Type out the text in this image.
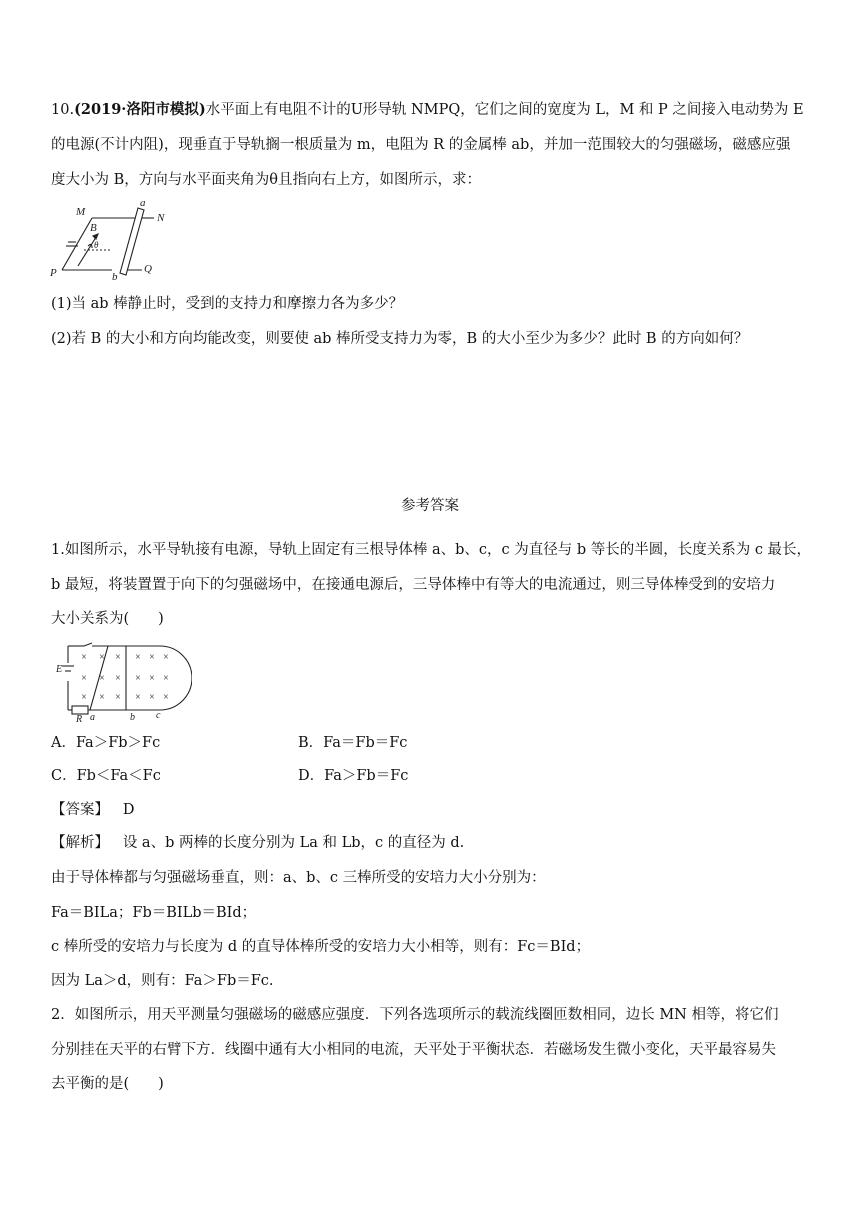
10.(2019·洛阳市模拟)水平面上有电阻不计的U形导轨 NMPQ，它们之间的宽度为 L，M 和 P 之间接入电动势为 E
的电源(不计内阻)，现垂直于导轨搁一根质量为 m，电阻为 R 的金属棒 ab，并加一范围较大的匀强磁场，磁感应强
度大小为 B，方向与水平面夹角为θ且指向右上方，如图所示，求：
M
a
N
B
θ
P	b
Q
(1)当 ab 棒静止时，受到的支持力和摩擦力各为多少？
(2)若 B 的大小和方向均能改变，则要使 ab 棒所受支持力为零，B 的大小至少为多少？此时 B 的方向如何？
参考答案
1.如图所示，水平导轨接有电源，导轨上固定有三根导体棒 a、b、c，c 为直径与 b 等长的半圆，长度关系为 c 最长，
b 最短，将装置置于向下的匀强磁场中，在接通电源后，三导体棒中有等大的电流通过，则三导体棒受到的安培力
大小关系为(　　)
× × × × × ×
× × × × × ×
× × × × × ×
E
R a	b c
A．Fa＞Fb＞Fc	B．Fa＝Fb＝Fc
C．Fb＜Fa＜Fc	D．Fa＞Fb＝Fc
【答案】 D
【解析】 设 a、b 两棒的长度分别为 La 和 Lb，c 的直径为 d.
由于导体棒都与匀强磁场垂直，则：a、b、c 三棒所受的安培力大小分别为：
Fa＝BILa；Fb＝BILb＝BId；
c 棒所受的安培力与长度为 d 的直导体棒所受的安培力大小相等，则有：Fc＝BId；
因为 La＞d，则有：Fa＞Fb＝Fc.
2．如图所示，用天平测量匀强磁场的磁感应强度．下列各选项所示的载流线圈匝数相同，边长 MN 相等，将它们
分别挂在天平的右臂下方．线圈中通有大小相同的电流，天平处于平衡状态．若磁场发生微小变化，天平最容易失
去平衡的是(　　)
